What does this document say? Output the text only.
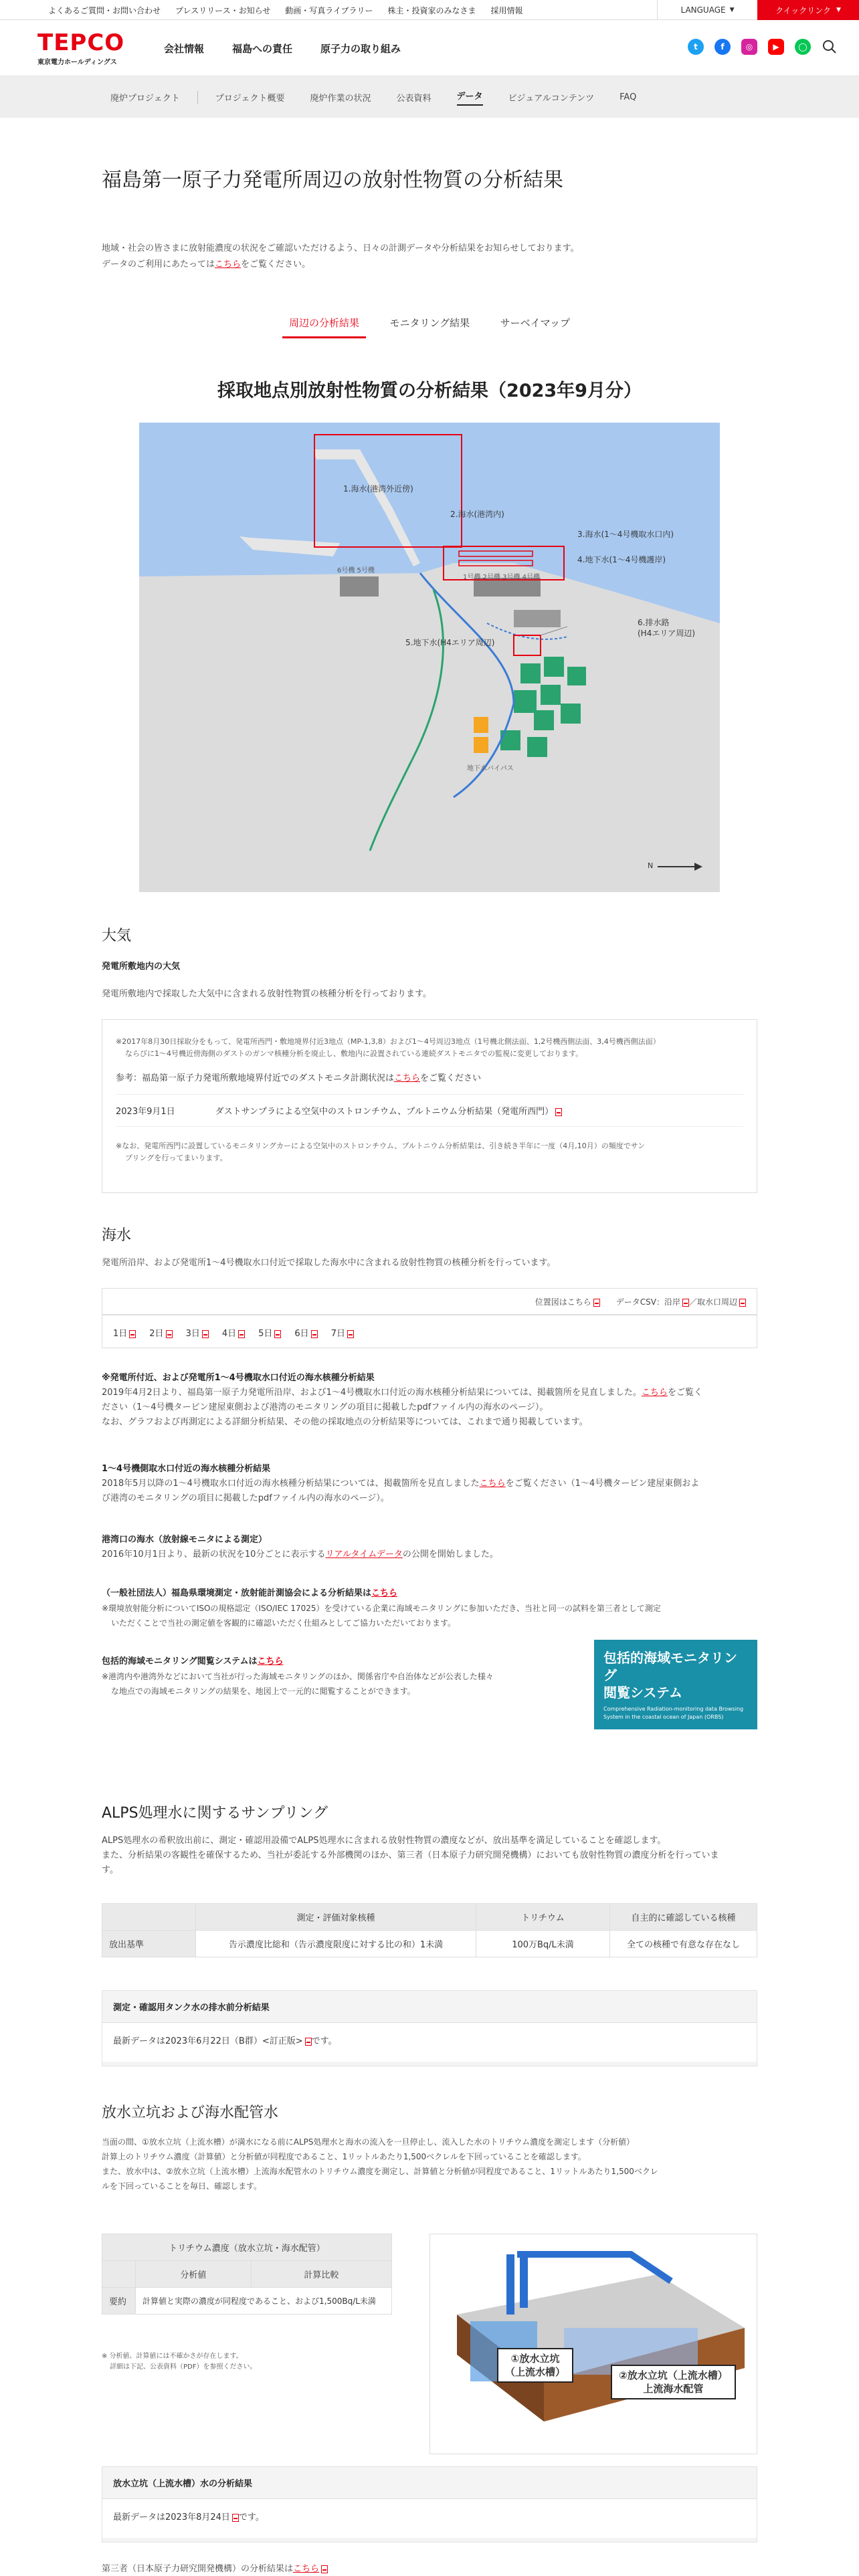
よくあるご質問・お問い合わせ	プレスリリース・お知らせ	動画・写真ライブラリー	株主・投資家のみなさま	採用情報	LANGUAGE ▼	クイックリンク ▼
TEPCO
東京電力ホールディングス
会社情報	福島への責任	原子力の取り組み	t	f	◎	▶	◯
廃炉プロジェクト	プロジェクト概要	廃炉作業の状況	公表資料	データ	ビジュアルコンテンツ	FAQ
福島第一原子力発電所周辺の放射性物質の分析結果
地域・社会の皆さまに放射能濃度の状況をご確認いただけるよう、日々の計測データや分析結果をお知らせしております。
データのご利用にあたってはこちらをご覧ください。
周辺の分析結果	モニタリング結果	サーベイマップ
採取地点別放射性物質の分析結果（2023年9月分）
1.海水(港湾外近傍)
2.海水(港湾内)
3.海水(1～4号機取水口内)
4.地下水(1～4号機護岸)
5.地下水(H4エリア周辺)
6.排水路
(H4エリア周辺)
6号機 5号機
1号機 2号機 3号機 4号機
地下水バイパス
N
大気
発電所敷地内の大気
発電所敷地内で採取した大気中に含まれる放射性物質の核種分析を行っております。
※2017年8月30日採取分をもって、発電所西門・敷地境界付近3地点（MP-1,3,8）および1～4号周辺3地点（1号機北側法面、1,2号機西側法面、3,4号機西側法面）
ならびに1～4号機近傍海側のダストのガンマ核種分析を廃止し、敷地内に設置されている連続ダストモニタでの監視に変更しております。
参考：福島第一原子力発電所敷地境界付近でのダストモニタ計測状況はこちらをご覧ください
2023年9月1日	ダストサンプラによる空気中のストロンチウム、プルトニウム分析結果（発電所西門）
※なお、発電所西門に設置しているモニタリングカーによる空気中のストロンチウム、プルトニウム分析結果は、引き続き半年に一度（4月,10月）の頻度でサン
プリングを行ってまいります。
海水
発電所沿岸、および発電所1～4号機取水口付近で採取した海水中に含まれる放射性物質の核種分析を行っています。
位置図はこちら	データCSV：沿岸 ／取水口周辺
1日	2日	3日	4日	5日	6日	7日
※発電所付近、および発電所1～4号機取水口付近の海水核種分析結果
2019年4月2日より、福島第一原子力発電所沿岸、および1～4号機取水口付近の海水核種分析結果については、掲載箇所を見直しました。こちらをご覧く
ださい（1～4号機タービン建屋東側および港湾のモニタリングの項目に掲載したpdfファイル内の海水のページ）。
なお、グラフおよび再測定による詳細分析結果、その他の採取地点の分析結果等については、これまで通り掲載しています。
1～4号機側取水口付近の海水核種分析結果
2018年5月以降の1～4号機取水口付近の海水核種分析結果については、掲載箇所を見直しましたこちらをご覧ください（1～4号機タービン建屋東側およ
び港湾のモニタリングの項目に掲載したpdfファイル内の海水のページ）。
港湾口の海水（放射線モニタによる測定）
2016年10月1日より、最新の状況を10分ごとに表示するリアルタイムデータの公開を開始しました。
（一般社団法人）福島県環境測定・放射能計測協会による分析結果はこちら
※環境放射能分析についてISOの規格認定（ISO/IEC 17025）を受けている企業に海域モニタリングに参加いただき、当社と同一の試料を第三者として測定
いただくことで当社の測定値を客観的に確認いただく仕組みとしてご協力いただいております。
包括的海域モニタリング閲覧システムはこちら
※港湾内や港湾外などにおいて当社が行った海域モニタリングのほか、関係省庁や自治体などが公表した様々
な地点での海域モニタリングの結果を、地図上で一元的に閲覧することができます。
包括的海域モニタリング
閲覧システム
Comprehensive Radiation-monitoring data Browsing System in the coastal ocean of Japan (ORBS)
ALPS処理水に関するサンプリング
ALPS処理水の希釈放出前に、測定・確認用設備でALPS処理水に含まれる放射性物質の濃度などが、放出基準を満足していることを確認します。
また、分析結果の客観性を確保するため、当社が委託する外部機関のほか、第三者（日本原子力研究開発機構）においても放射性物質の濃度分析を行っていま
す。
	測定・評価対象核種	トリチウム	自主的に確認している核種
放出基準	告示濃度比総和（告示濃度限度に対する比の和）1未満	100万Bq/L未満	全ての核種で有意な存在なし
測定・確認用タンク水の排水前分析結果
最新データは2023年6月22日（B群）<訂正版> です。
放水立坑および海水配管水
当面の間、①放水立坑（上流水槽）が満水になる前にALPS処理水と海水の流入を一旦停止し、流入した水のトリチウム濃度を測定します（分析値）
計算上のトリチウム濃度（計算値）と分析値が同程度であること、1リットルあたり1,500ベクレルを下回っていることを確認します。
また、放水中は、②放水立坑（上流水槽）上流海水配管水のトリチウム濃度を測定し、計算値と分析値が同程度であること、1リットルあたり1,500ベクレ
ルを下回っていることを毎日、確認します。
トリチウム濃度（放水立坑・海水配管）		
	分析値	計算比較
要約	計算値と実際の濃度が同程度であること、および1,500Bq/L未満	
※ 分析値、計算値には不確かさが存在します。
詳細は下記、公表資料（PDF）を参照ください。
①放水立坑
（上流水槽）	②放水立坑（上流水槽）
上流海水配管
放水立坑（上流水槽）水の分析結果
最新データは2023年8月24日 です。
第三者（日本原子力研究開発機構）の分析結果はこちら
